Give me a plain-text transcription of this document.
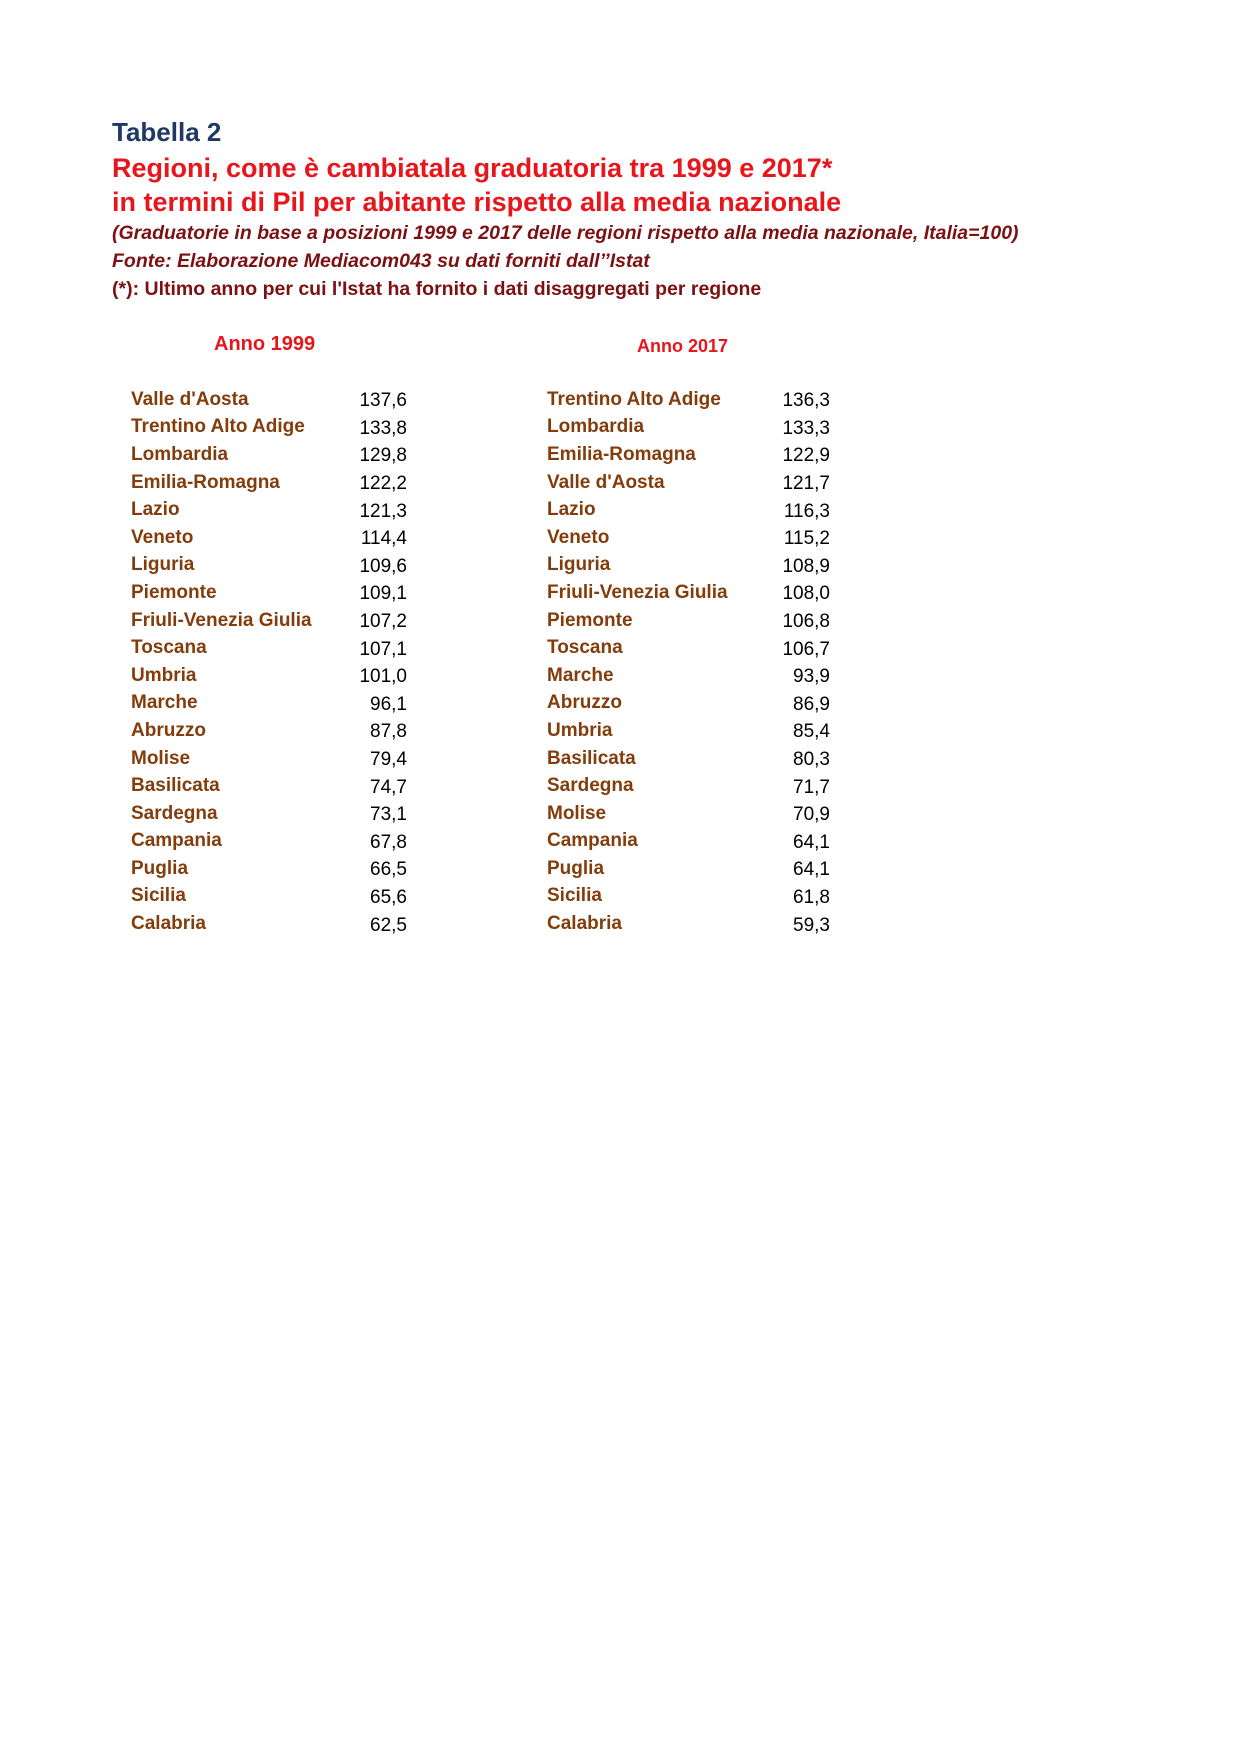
Tabella 2

Regioni, come è cambiatala graduatoria tra 1999 e 2017*

in termini di Pil per abitante rispetto alla media nazionale

(Graduatorie in base a posizioni 1999 e 2017 delle regioni rispetto alla media nazionale, Italia=100)

Fonte: Elaborazione Mediacom043 su dati forniti dall’’Istat

(*): Ultimo anno per cui l'Istat ha fornito i dati disaggregati per regione

Anno 1999	Anno 2017
Valle d'Aosta	137,6
Trentino Alto Adige	133,8
Lombardia	129,8
Emilia-Romagna	122,2
Lazio	121,3
Veneto	114,4
Liguria	109,6
Piemonte	109,1
Friuli-Venezia Giulia	107,2
Toscana	107,1
Umbria	101,0
Marche	96,1
Abruzzo	87,8
Molise	79,4
Basilicata	74,7
Sardegna	73,1
Campania	67,8
Puglia	66,5
Sicilia	65,6
Calabria	62,5
Trentino Alto Adige	136,3
Lombardia	133,3
Emilia-Romagna	122,9
Valle d'Aosta	121,7
Lazio	116,3
Veneto	115,2
Liguria	108,9
Friuli-Venezia Giulia	108,0
Piemonte	106,8
Toscana	106,7
Marche	93,9
Abruzzo	86,9
Umbria	85,4
Basilicata	80,3
Sardegna	71,7
Molise	70,9
Campania	64,1
Puglia	64,1
Sicilia	61,8
Calabria	59,3
